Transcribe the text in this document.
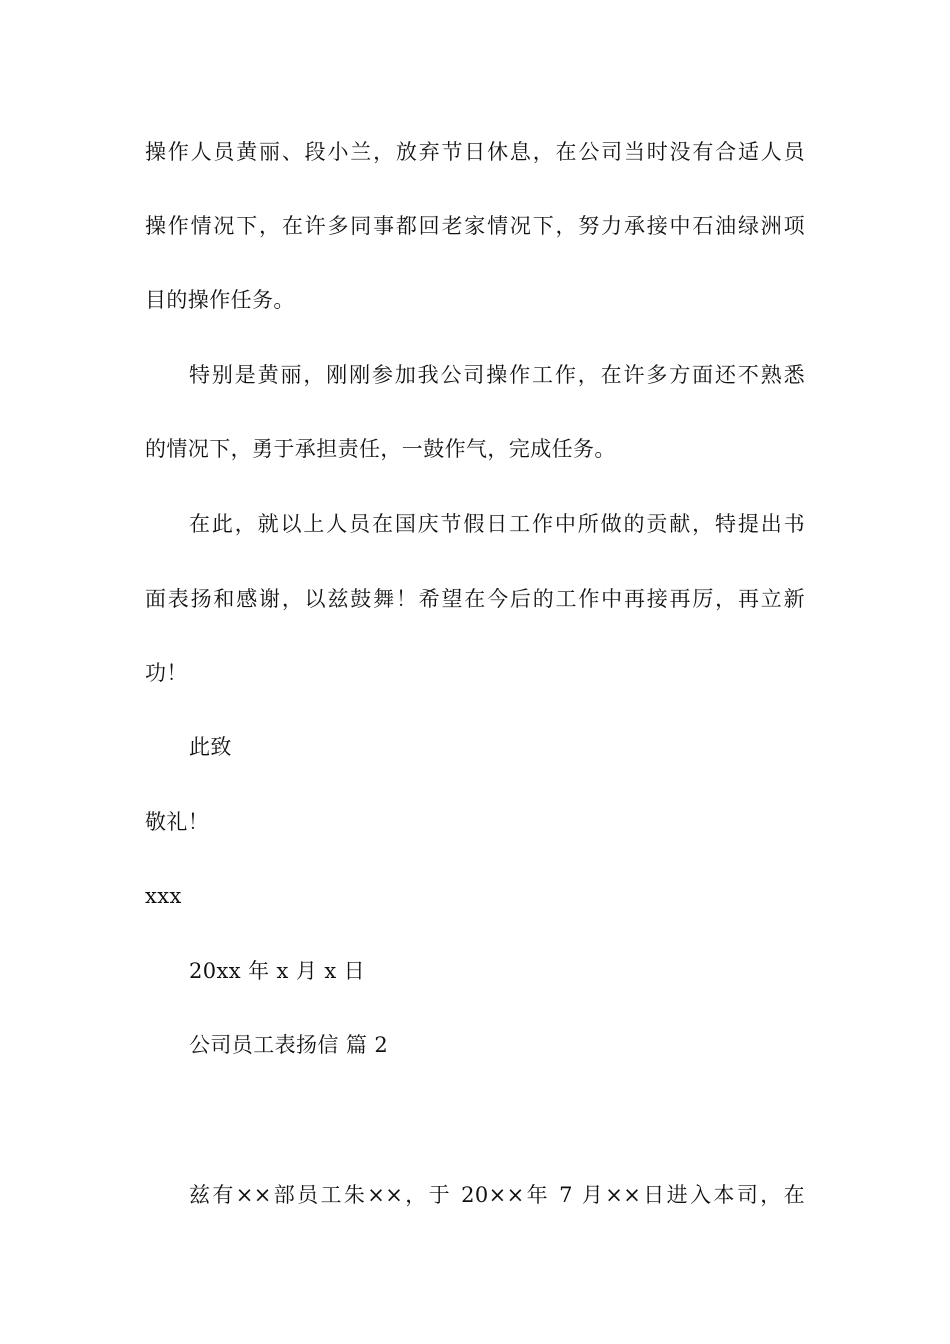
操作人员黄丽、段小兰，放弃节日休息，在公司当时没有合适人员
操作情况下，在许多同事都回老家情况下，努力承接中石油绿洲项
目的操作任务。
特别是黄丽，刚刚参加我公司操作工作，在许多方面还不熟悉
的情况下，勇于承担责任，一鼓作气，完成任务。
在此，就以上人员在国庆节假日工作中所做的贡献，特提出书
面表扬和感谢，以兹鼓舞！希望在今后的工作中再接再厉，再立新
功！
此致
敬礼！
xxx
20xx 年 x 月 x 日
公司员工表扬信 篇 2
兹有××部员工朱××，于 20××年 7 月××日进入本司，在
